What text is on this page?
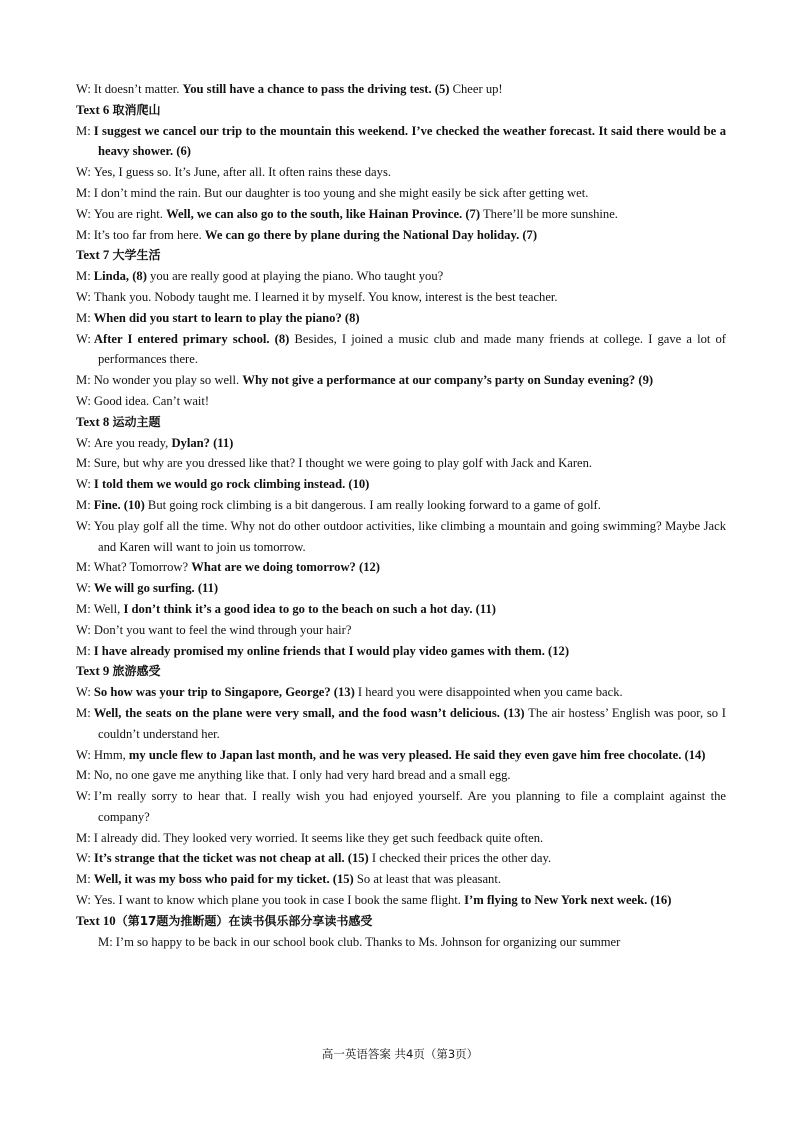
W: It doesn’t matter. You still have a chance to pass the driving test. (5) Cheer up!
Text 6 取消爬山
M: I suggest we cancel our trip to the mountain this weekend. I’ve checked the weather forecast. It said there would be a heavy shower. (6)
W: Yes, I guess so. It’s June, after all. It often rains these days.
M: I don’t mind the rain. But our daughter is too young and she might easily be sick after getting wet.
W: You are right. Well, we can also go to the south, like Hainan Province. (7) There’ll be more sunshine.
M: It’s too far from here. We can go there by plane during the National Day holiday. (7)
Text 7 大学生活
M: Linda, (8) you are really good at playing the piano. Who taught you?
W: Thank you. Nobody taught me. I learned it by myself. You know, interest is the best teacher.
M: When did you start to learn to play the piano? (8)
W: After I entered primary school. (8) Besides, I joined a music club and made many friends at college. I gave a lot of performances there.
M: No wonder you play so well. Why not give a performance at our company’s party on Sunday evening? (9)
W: Good idea. Can’t wait!
Text 8 运动主题
W: Are you ready, Dylan? (11)
M: Sure, but why are you dressed like that? I thought we were going to play golf with Jack and Karen.
W: I told them we would go rock climbing instead. (10)
M: Fine. (10) But going rock climbing is a bit dangerous. I am really looking forward to a game of golf.
W: You play golf all the time. Why not do other outdoor activities, like climbing a mountain and going swimming? Maybe Jack and Karen will want to join us tomorrow.
M: What? Tomorrow? What are we doing tomorrow? (12)
W: We will go surfing. (11)
M: Well, I don’t think it’s a good idea to go to the beach on such a hot day. (11)
W: Don’t you want to feel the wind through your hair?
M: I have already promised my online friends that I would play video games with them. (12)
Text 9 旅游感受
W: So how was your trip to Singapore, George? (13) I heard you were disappointed when you came back.
M: Well, the seats on the plane were very small, and the food wasn’t delicious. (13) The air hostess’ English was poor, so I couldn’t understand her.
W: Hmm, my uncle flew to Japan last month, and he was very pleased. He said they even gave him free chocolate. (14)
M: No, no one gave me anything like that. I only had very hard bread and a small egg.
W: I’m really sorry to hear that. I really wish you had enjoyed yourself. Are you planning to file a complaint against the company?
M: I already did. They looked very worried. It seems like they get such feedback quite often.
W: It’s strange that the ticket was not cheap at all. (15) I checked their prices the other day.
M: Well, it was my boss who paid for my ticket. (15) So at least that was pleasant.
W: Yes. I want to know which plane you took in case I book the same flight. I’m flying to New York next week. (16)
Text 10（第17题为推断题）在读书俱乐部分享读书感受
M: I’m so happy to be back in our school book club. Thanks to Ms. Johnson for organizing our summer
高一英语答案 共4页（第3页）
